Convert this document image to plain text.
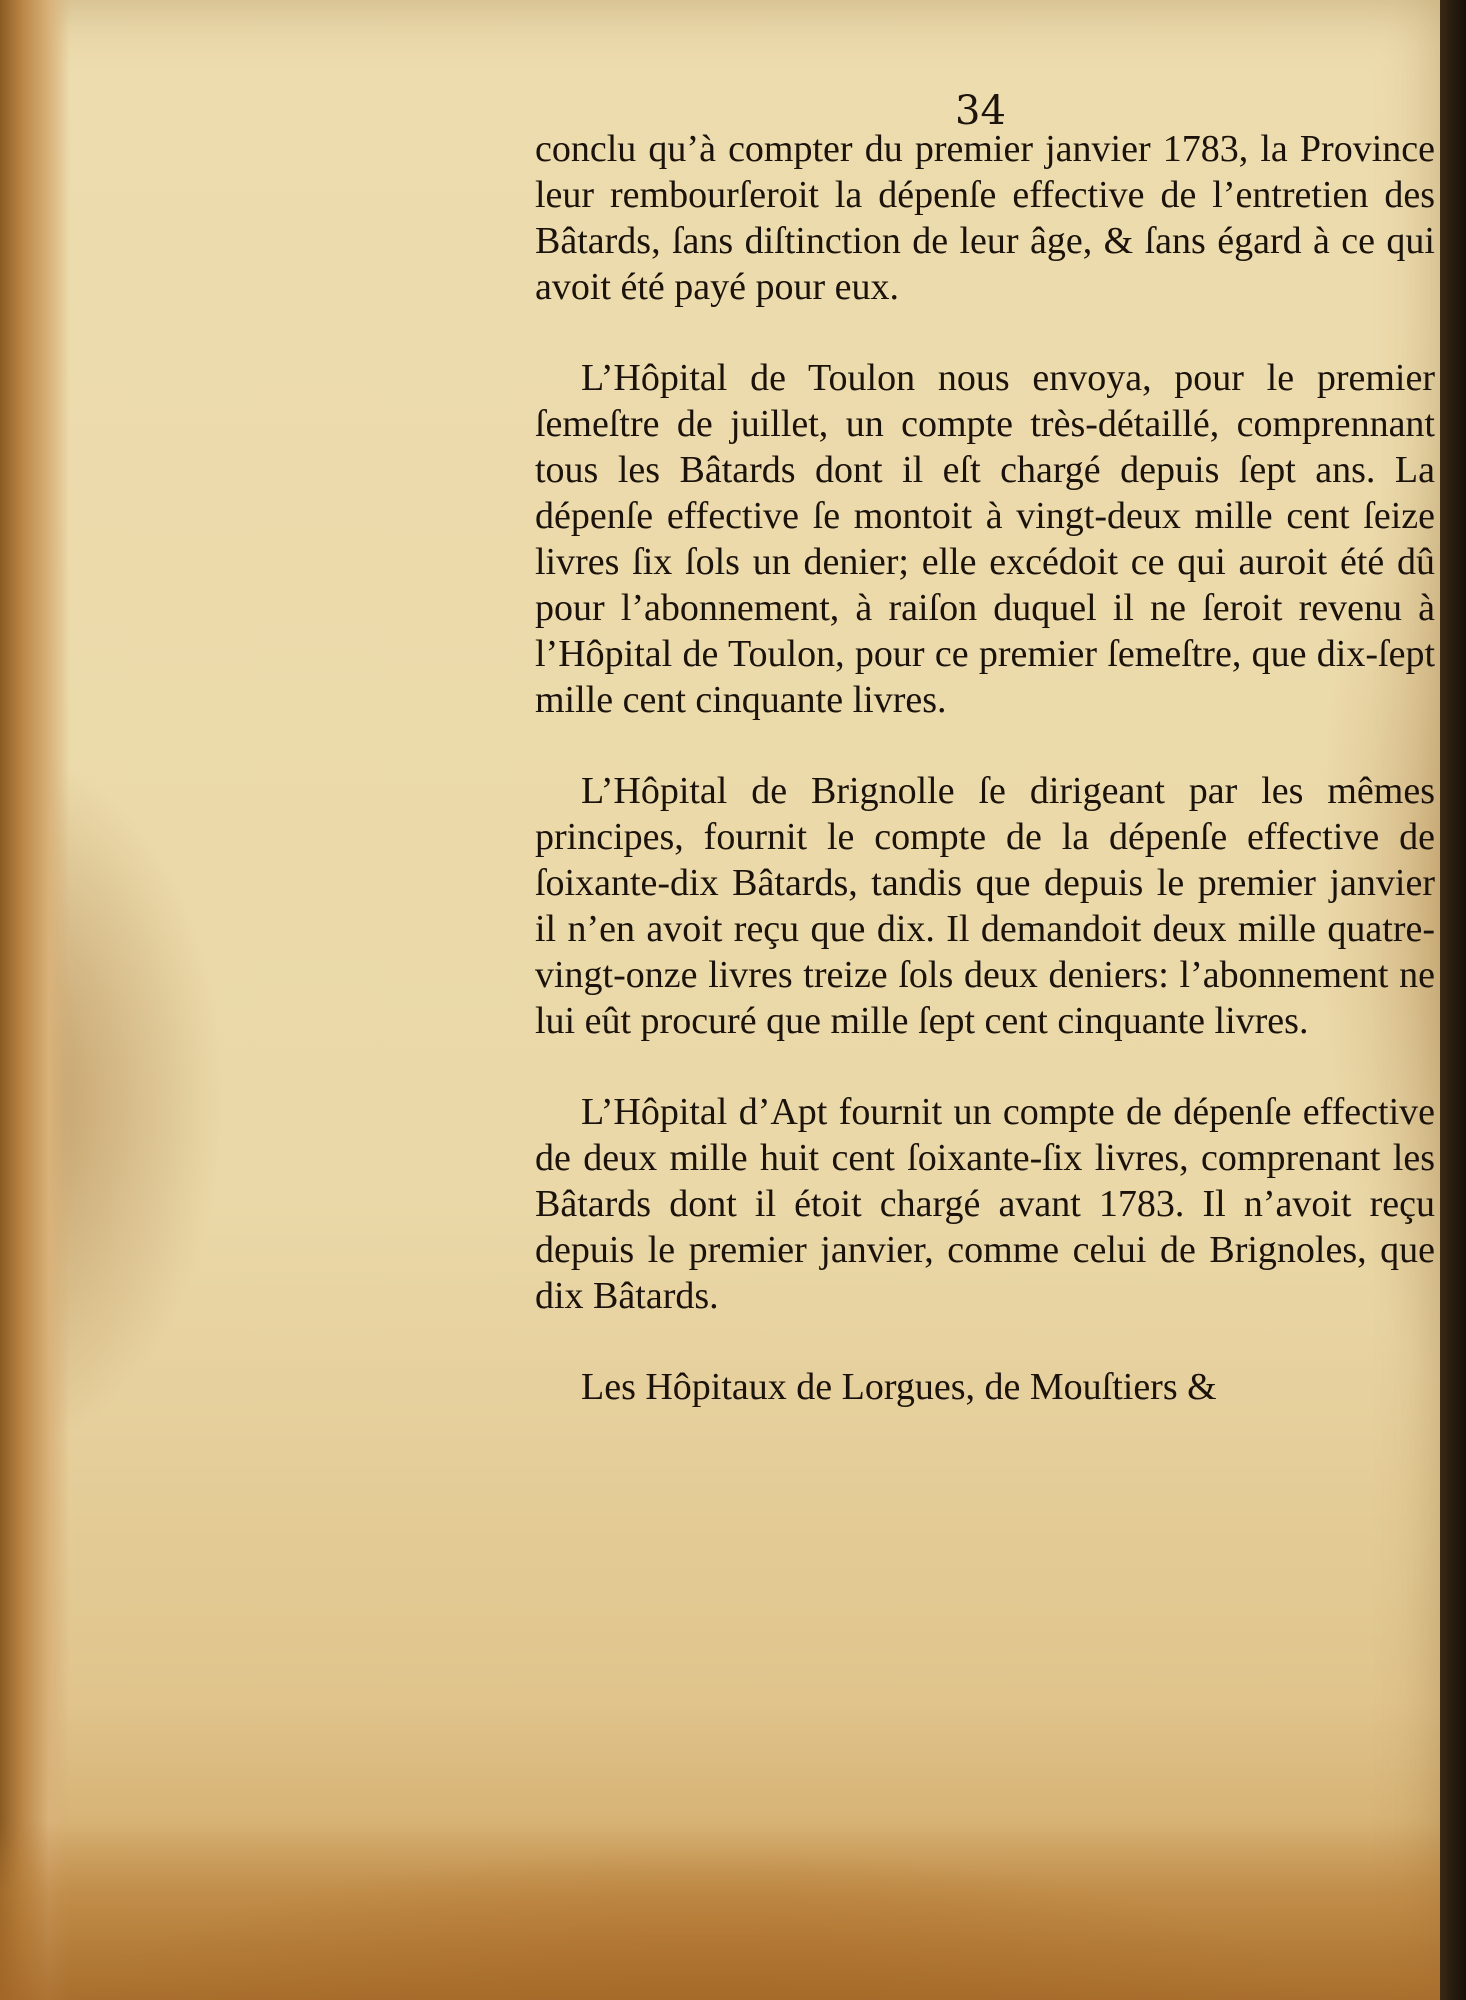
34

conclu qu’à compter du premier janvier 1783, la Province leur rembourſeroit la dépenſe effective de l’entretien des Bâtards, ſans diſtinction de leur âge, & ſans égard à ce qui avoit été payé pour eux.

L’Hôpital de Toulon nous envoya, pour le premier ſemeſtre de juillet, un compte très-détaillé, comprennant tous les Bâtards dont il eſt chargé depuis ſept ans. La dépenſe effective ſe montoit à vingt-deux mille cent ſeize livres ſix ſols un denier; elle excédoit ce qui auroit été dû pour l’abonnement, à raiſon duquel il ne ſeroit revenu à l’Hôpital de Toulon, pour ce premier ſemeſtre, que dix-ſept mille cent cinquante livres.

L’Hôpital de Brignolle ſe dirigeant par les mêmes principes, fournit le compte de la dépenſe effective de ſoixante-dix Bâtards, tandis que depuis le premier janvier il n’en avoit reçu que dix. Il demandoit deux mille quatre-vingt-onze livres treize ſols deux deniers: l’abonnement ne lui eût procuré que mille ſept cent cinquante livres.

L’Hôpital d’Apt fournit un compte de dépenſe effective de deux mille huit cent ſoixante-ſix livres, comprenant les Bâtards dont il étoit chargé avant 1783. Il n’avoit reçu depuis le premier janvier, comme celui de Brignoles, que dix Bâtards.

Les Hôpitaux de Lorgues, de Mouſtiers &
